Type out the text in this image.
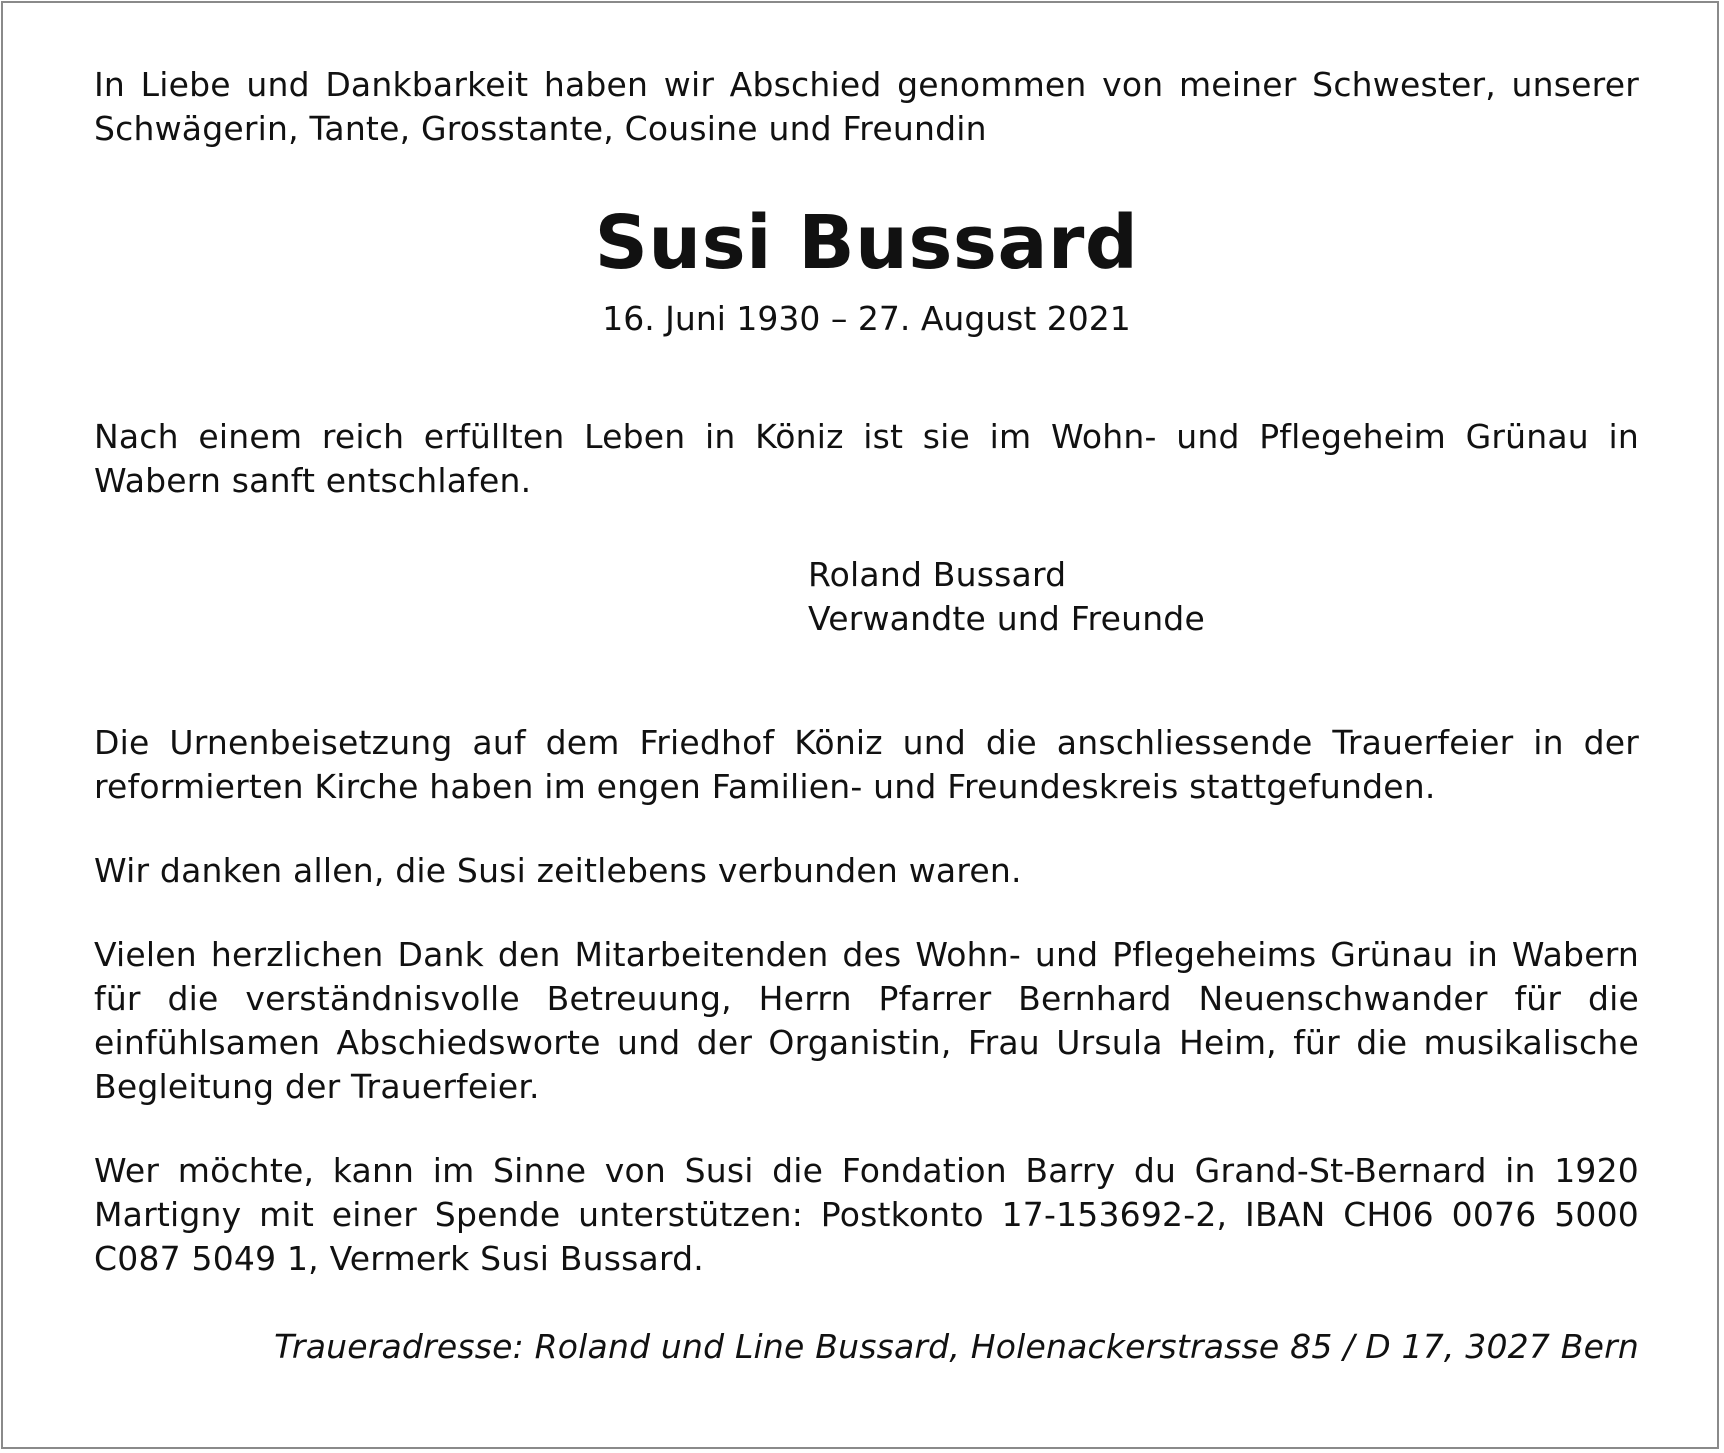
In Liebe und Dankbarkeit haben wir Abschied genommen von meiner Schwester, unserer Schwägerin, Tante, Grosstante, Cousine und Freundin

Susi Bussard
16. Juni 1930 – 27. August 2021

Nach einem reich erfüllten Leben in Köniz ist sie im Wohn- und Pflegeheim Grünau in Wabern sanft entschlafen.

Roland Bussard

Verwandte und Freunde

Die Urnenbeisetzung auf dem Friedhof Köniz und die anschliessende Trauerfeier in der reformierten Kirche haben im engen Familien- und Freundeskreis stattgefunden.

Wir danken allen, die Susi zeitlebens verbunden waren.

Vielen herzlichen Dank den Mitarbeitenden des Wohn- und Pflegeheims Grünau in Wabern für die verständnisvolle Betreuung, Herrn Pfarrer Bernhard Neuenschwander für die einfühlsamen Abschiedsworte und der Organistin, Frau Ursula Heim, für die musikalische Begleitung der Trauerfeier.

Wer möchte, kann im Sinne von Susi die Fondation Barry du Grand-St-Bernard in 1920 Martigny mit einer Spende unterstützen: Postkonto 17-153692-2, IBAN CH06 0076 5000 C087 5049 1, Vermerk Susi Bussard.

Traueradresse: Roland und Line Bussard, Holenackerstrasse 85 / D 17, 3027 Bern
